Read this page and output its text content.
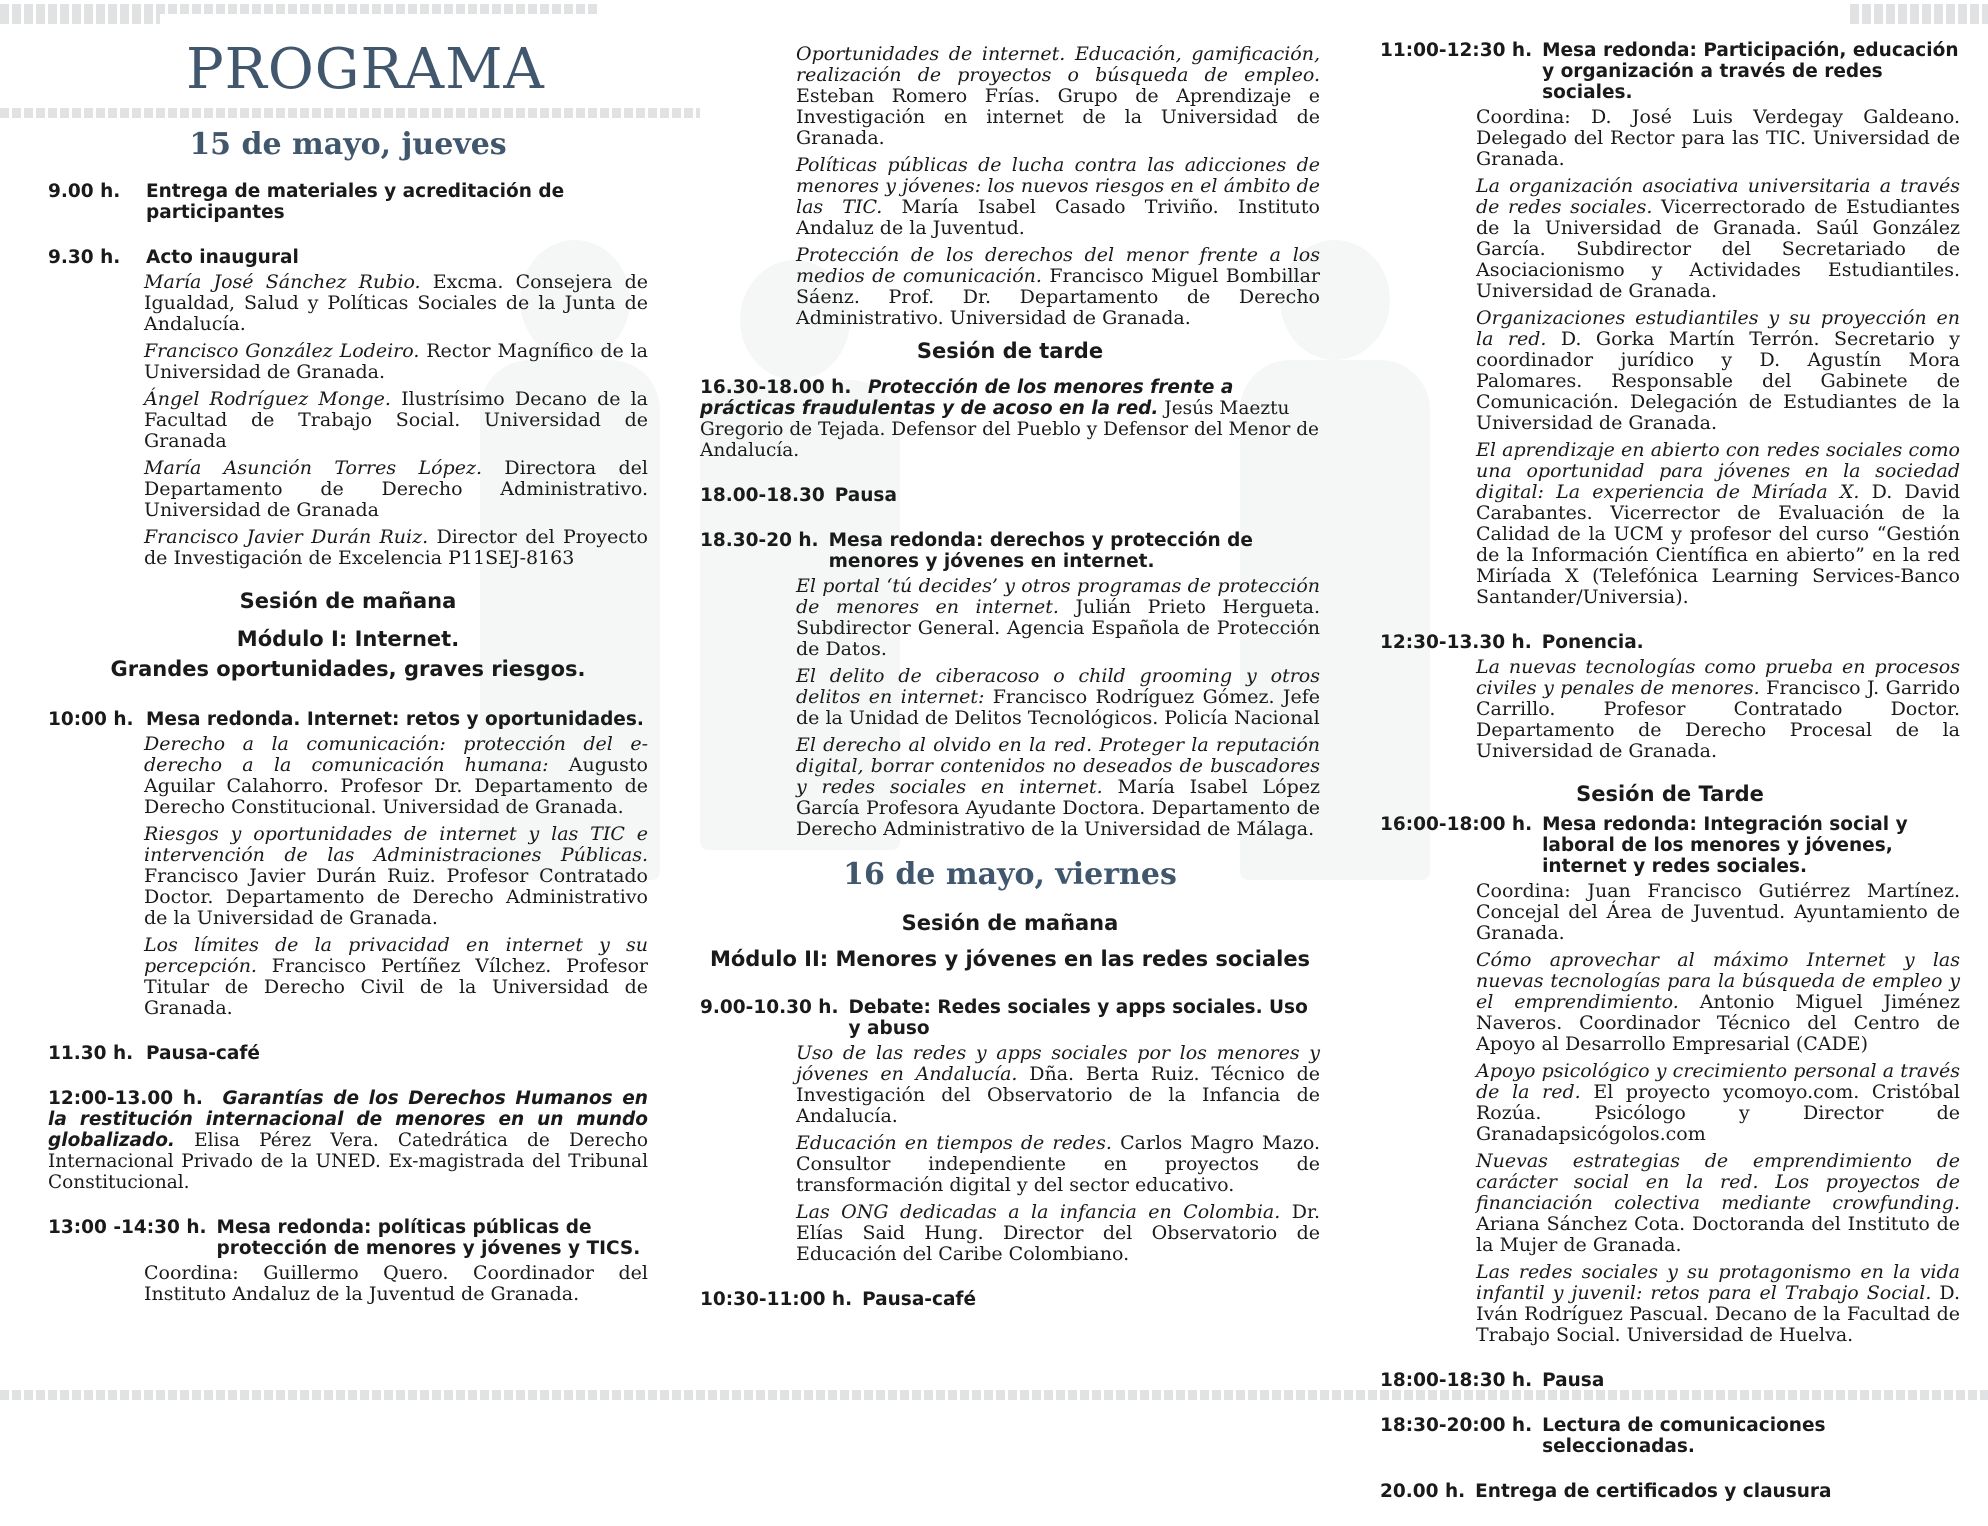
PROGRAMA
15 de mayo, jueves
9.00 h.	Entrega de materiales y acreditación de participantes
9.30 h.	Acto inaugural
María José Sánchez Rubio. Excma. Consejera de Igualdad, Salud y Políticas Sociales de la Junta de Andalucía.
Francisco González Lodeiro. Rector Magnífico de la Universidad de Granada.
Ángel Rodríguez Monge. Ilustrísimo Decano de la Facultad de Trabajo Social. Universidad de Granada
María Asunción Torres López. Directora del Departamento de Derecho Administrativo. Universidad de Granada
Francisco Javier Durán Ruiz. Director del Proyecto de Investigación de Excelencia P11SEJ-8163
Sesión de mañana
Módulo I: Internet.
Grandes oportunidades, graves riesgos.
10:00 h. Mesa redonda. Internet: retos y oportunidades.
Derecho a la comunicación: protección del e-derecho a la comunicación humana: Augusto Aguilar Calahorro. Profesor Dr. Departamento de Derecho Constitucional. Universidad de Granada.
Riesgos y oportunidades de internet y las TIC e intervención de las Administraciones Públicas. Francisco Javier Durán Ruiz. Profesor Contratado Doctor. Departamento de Derecho Administrativo de la Universidad de Granada.
Los límites de la privacidad en internet y su percepción. Francisco Pertíñez Vílchez. Profesor Titular de Derecho Civil de la Universidad de Granada.
11.30 h. Pausa-café
12:00-13.00 h. Garantías de los Derechos Humanos en la restitución internacional de menores en un mundo globalizado. Elisa Pérez Vera. Catedrática de Derecho Internacional Privado de la UNED. Ex-magistrada del Tribunal Constitucional.
13:00 -14:30 h. Mesa redonda: políticas públicas de protección de menores y jóvenes y TICS.
Coordina: Guillermo Quero. Coordinador del Instituto Andaluz de la Juventud de Granada.
Oportunidades de internet. Educación, gamificación, realización de proyectos o búsqueda de empleo. Esteban Romero Frías. Grupo de Aprendizaje e Investigación en internet de la Universidad de Granada.
Políticas públicas de lucha contra las adicciones de menores y jóvenes: los nuevos riesgos en el ámbito de las TIC. María Isabel Casado Triviño. Instituto Andaluz de la Juventud.
Protección de los derechos del menor frente a los medios de comunicación. Francisco Miguel Bombillar Sáenz. Prof. Dr. Departamento de Derecho Administrativo. Universidad de Granada.
Sesión de tarde
16.30-18.00 h. Protección de los menores frente a prácticas fraudulentas y de acoso en la red. Jesús Maeztu Gregorio de Tejada. Defensor del Pueblo y Defensor del Menor de Andalucía.
18.00-18.30 Pausa
18.30-20 h. Mesa redonda: derechos y protección de menores y jóvenes en internet.
El portal ‘tú decides’ y otros programas de protección de menores en internet. Julián Prieto Hergueta. Subdirector General. Agencia Española de Protección de Datos.
El delito de ciberacoso o child grooming y otros delitos en internet: Francisco Rodríguez Gómez. Jefe de la Unidad de Delitos Tecnológicos. Policía Nacional
El derecho al olvido en la red. Proteger la reputación digital, borrar contenidos no deseados de buscadores y redes sociales en internet. María Isabel López García Profesora Ayudante Doctora. Departamento de Derecho Administrativo de la Universidad de Málaga.
16 de mayo, viernes
Sesión de mañana
Módulo II: Menores y jóvenes en las redes sociales
9.00-10.30 h. Debate: Redes sociales y apps sociales. Uso y abuso
Uso de las redes y apps sociales por los menores y jóvenes en Andalucía. Dña. Berta Ruiz. Técnico de Investigación del Observatorio de la Infancia de Andalucía.
Educación en tiempos de redes. Carlos Magro Mazo. Consultor independiente en proyectos de transformación digital y del sector educativo.
Las ONG dedicadas a la infancia en Colombia. Dr. Elías Said Hung. Director del Observatorio de Educación del Caribe Colombiano.
10:30-11:00 h. Pausa-café
11:00-12:30 h. Mesa redonda: Participación, educación y organización a través de redes sociales.
Coordina: D. José Luis Verdegay Galdeano. Delegado del Rector para las TIC. Universidad de Granada.
La organización asociativa universitaria a través de redes sociales. Vicerrectorado de Estudiantes de la Universidad de Granada. Saúl González García. Subdirector del Secretariado de Asociacionismo y Actividades Estudiantiles. Universidad de Granada.
Organizaciones estudiantiles y su proyección en la red. D. Gorka Martín Terrón. Secretario y coordinador jurídico y D. Agustín Mora Palomares. Responsable del Gabinete de Comunicación. Delegación de Estudiantes de la Universidad de Granada.
El aprendizaje en abierto con redes sociales como una oportunidad para jóvenes en la sociedad digital: La experiencia de Miríada X. D. David Carabantes. Vicerrector de Evaluación de la Calidad de la UCM y profesor del curso “Gestión de la Información Científica en abierto” en la red Miríada X (Telefónica Learning Services-Banco Santander/Universia).
12:30-13.30 h. Ponencia.
La nuevas tecnologías como prueba en procesos civiles y penales de menores. Francisco J. Garrido Carrillo. Profesor Contratado Doctor. Departamento de Derecho Procesal de la Universidad de Granada.
Sesión de Tarde
16:00-18:00 h. Mesa redonda: Integración social y laboral de los menores y jóvenes, internet y redes sociales.
Coordina: Juan Francisco Gutiérrez Martínez. Concejal del Área de Juventud. Ayuntamiento de Granada.
Cómo aprovechar al máximo Internet y las nuevas tecnologías para la búsqueda de empleo y el emprendimiento. Antonio Miguel Jiménez Naveros. Coordinador Técnico del Centro de Apoyo al Desarrollo Empresarial (CADE)
Apoyo psicológico y crecimiento personal a través de la red. El proyecto ycomoyo.com. Cristóbal Rozúa. Psicólogo y Director de Granadapsicógolos.com
Nuevas estrategias de emprendimiento de carácter social en la red. Los proyectos de financiación colectiva mediante crowfunding. Ariana Sánchez Cota. Doctoranda del Instituto de la Mujer de Granada.
Las redes sociales y su protagonismo en la vida infantil y juvenil: retos para el Trabajo Social. D. Iván Rodríguez Pascual. Decano de la Facultad de Trabajo Social. Universidad de Huelva.
18:00-18:30 h. Pausa
18:30-20:00 h. Lectura de comunicaciones seleccionadas.
20.00 h. Entrega de certificados y clausura
